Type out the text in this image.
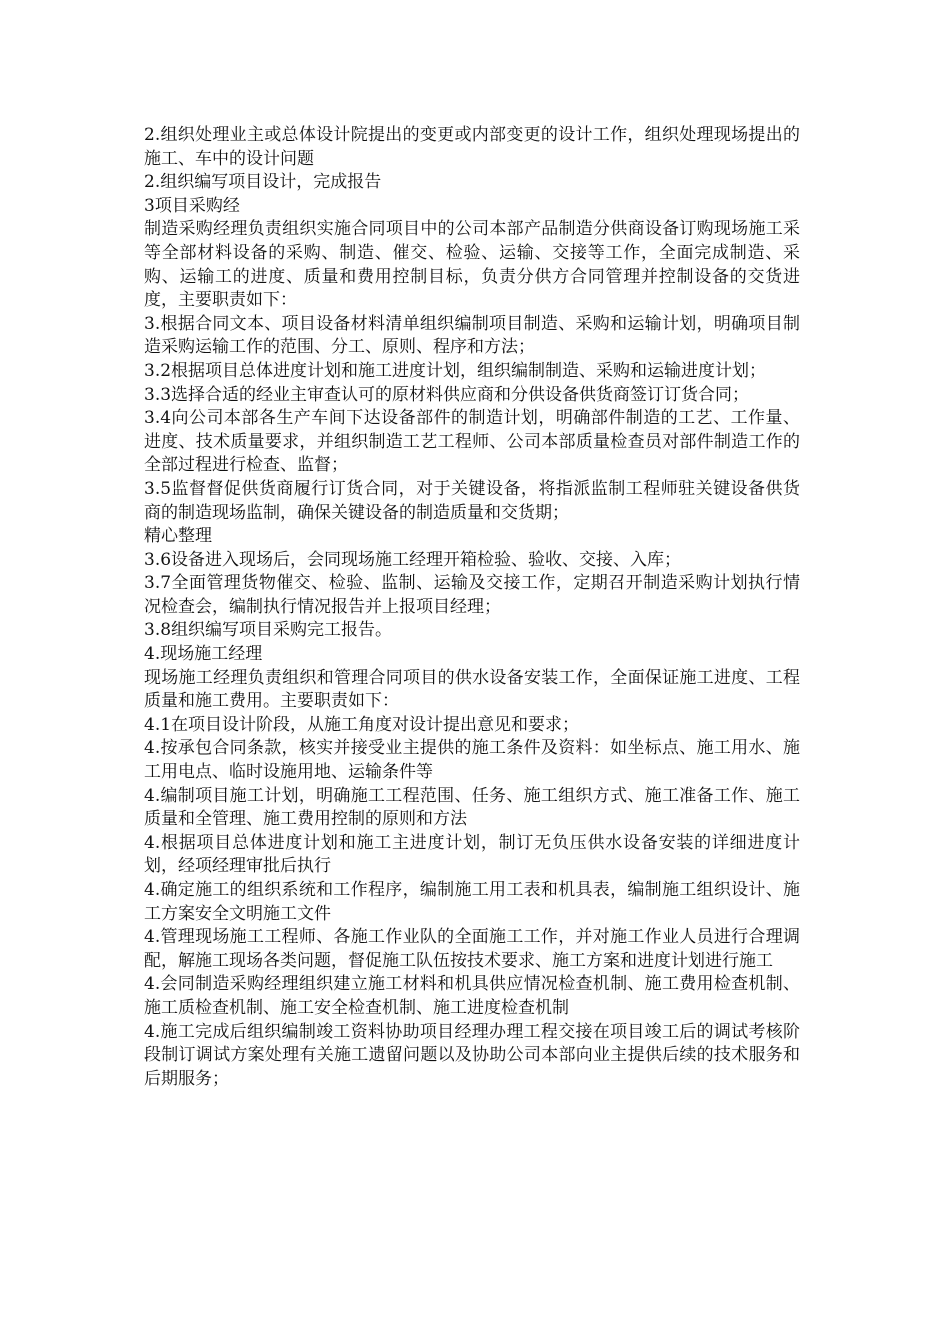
2.组织处理业主或总体设计院提出的变更或内部变更的设计工作，组织处理现场提出的施工、车中的设计问题

2.组织编写项目设计，完成报告

3项目采购经

制造采购经理负责组织实施合同项目中的公司本部产品制造分供商设备订购现场施工采等全部材料设备的采购、制造、催交、检验、运输、交接等工作，全面完成制造、采购、运输工的进度、质量和费用控制目标，负责分供方合同管理并控制设备的交货进度，主要职责如下：

3.根据合同文本、项目设备材料清单组织编制项目制造、采购和运输计划，明确项目制造采购运输工作的范围、分工、原则、程序和方法；

3.2根据项目总体进度计划和施工进度计划，组织编制制造、采购和运输进度计划；

3.3选择合适的经业主审查认可的原材料供应商和分供设备供货商签订订货合同；

3.4向公司本部各生产车间下达设备部件的制造计划，明确部件制造的工艺、工作量、进度、技术质量要求，并组织制造工艺工程师、公司本部质量检查员对部件制造工作的全部过程进行检查、监督；

3.5监督督促供货商履行订货合同，对于关键设备，将指派监制工程师驻关键设备供货商的制造现场监制，确保关键设备的制造质量和交货期；

精心整理

3.6设备进入现场后，会同现场施工经理开箱检验、验收、交接、入库；

3.7全面管理货物催交、检验、监制、运输及交接工作，定期召开制造采购计划执行情况检查会，编制执行情况报告并上报项目经理；

3.8组织编写项目采购完工报告。

4.现场施工经理

现场施工经理负责组织和管理合同项目的供水设备安装工作，全面保证施工进度、工程质量和施工费用。主要职责如下：

4.1在项目设计阶段，从施工角度对设计提出意见和要求；

4.按承包合同条款，核实并接受业主提供的施工条件及资料：如坐标点、施工用水、施工用电点、临时设施用地、运输条件等

4.编制项目施工计划，明确施工工程范围、任务、施工组织方式、施工准备工作、施工质量和全管理、施工费用控制的原则和方法

4.根据项目总体进度计划和施工主进度计划，制订无负压供水设备安装的详细进度计划，经项经理审批后执行

4.确定施工的组织系统和工作程序，编制施工用工表和机具表，编制施工组织设计、施工方案安全文明施工文件

4.管理现场施工工程师、各施工作业队的全面施工工作，并对施工作业人员进行合理调配，解施工现场各类问题，督促施工队伍按技术要求、施工方案和进度计划进行施工

4.会同制造采购经理组织建立施工材料和机具供应情况检查机制、施工费用检查机制、施工质检查机制、施工安全检查机制、施工进度检查机制

4.施工完成后组织编制竣工资料协助项目经理办理工程交接在项目竣工后的调试考核阶段制订调试方案处理有关施工遗留问题以及协助公司本部向业主提供后续的技术服务和后期服务；
